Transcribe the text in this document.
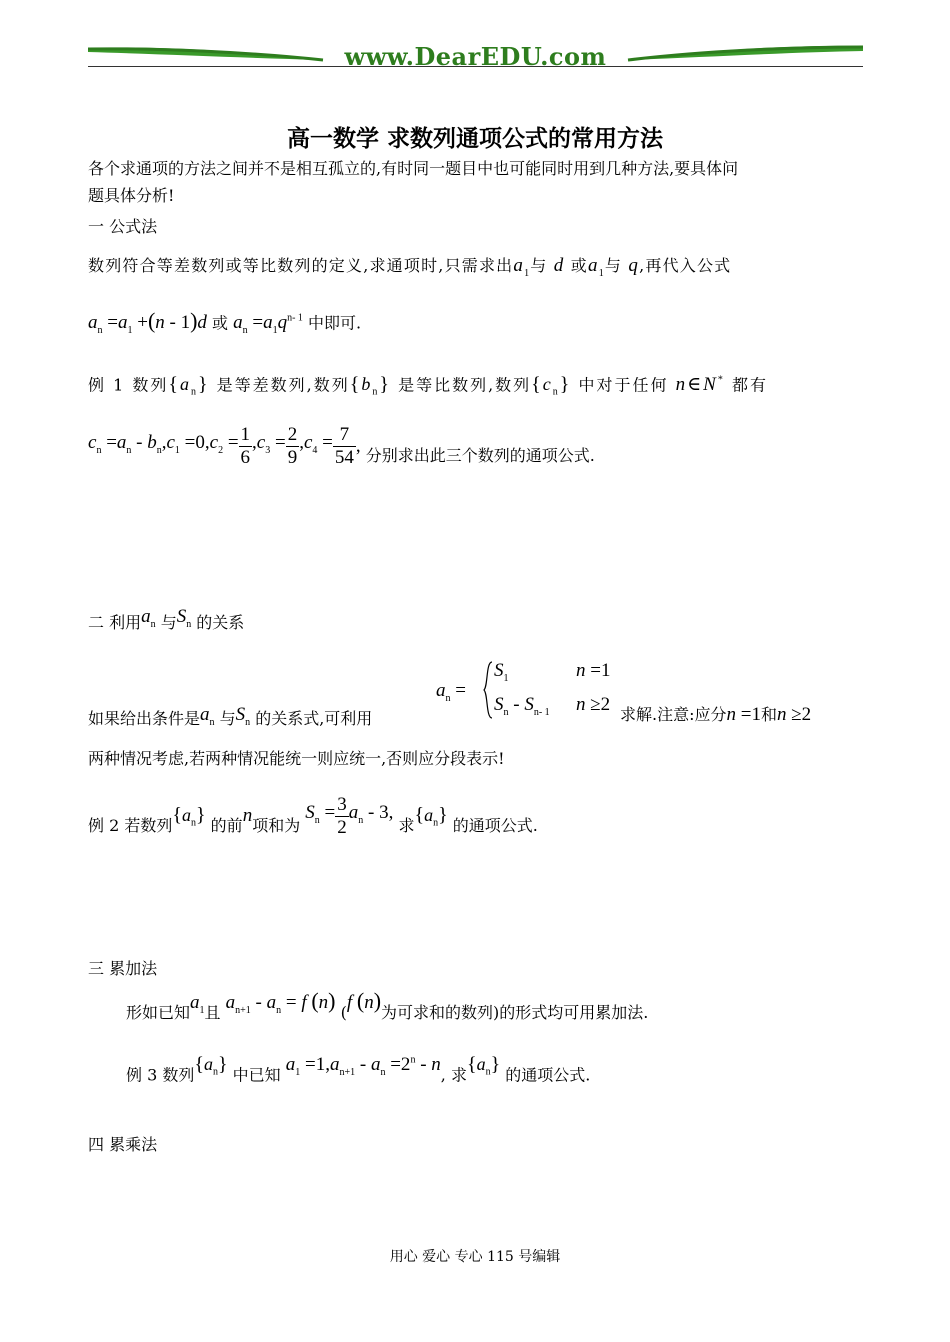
www.DearEDU.com
高一数学 求数列通项公式的常用方法
各个求通项的方法之间并不是相互孤立的,有时同一题目中也可能同时用到几种方法,要具体问
题具体分析!
一 公式法
数列符合等差数列或等比数列的定义,求通项时,只需求出$a_1$与 d 或$a_1$与 q,再代入公式
$a_n =a_1 +(n - 1)d$ 或 $a_n =a_1q^{n- 1}$ 中即可.
例 1 数列$\{a_n\}$ 是等差数列,数列$\{b_n\}$ 是等比数列,数列$\{c_n\}$ 中对于任何 n∈N* 都有
$c_n =a_n - b_n,c_1 =0,c_2 = \frac{1}{6} ,c_3 = \frac{2}{9} ,c_4 = \frac{7}{54}$ , 分别求出此三个数列的通项公式.
二 利用$a_n$ 与$S_n$ 的关系
$a_n$ =
$S_1$	n =1
$S_n - S_{n- 1}$ n ≥2
如果给出条件是$a_n$ 与$S_n$ 的关系式,可利用	求解.注意:应分n =1和n ≥2
两种情况考虑,若两种情况能统一则应统一,否则应分段表示!
例 2 若数列$\{a_n\}$ 的前n项和为 $S_n = \frac{3}{2} a_n - 3$, 求$\{a_n\}$ 的通项公式.
三 累加法
形如已知$a_1$且 $a_{n+1} - a_n = f$ (n) (f (n)为可求和的数列)的形式均可用累加法.
例 3 数列$\{a_n\}$ 中已知 $a_1 =1,a_{n+1} - a_n =2^n - n$, 求$\{a_n\}$ 的通项公式.
四 累乘法
用心 爱心 专心 115 号编辑
